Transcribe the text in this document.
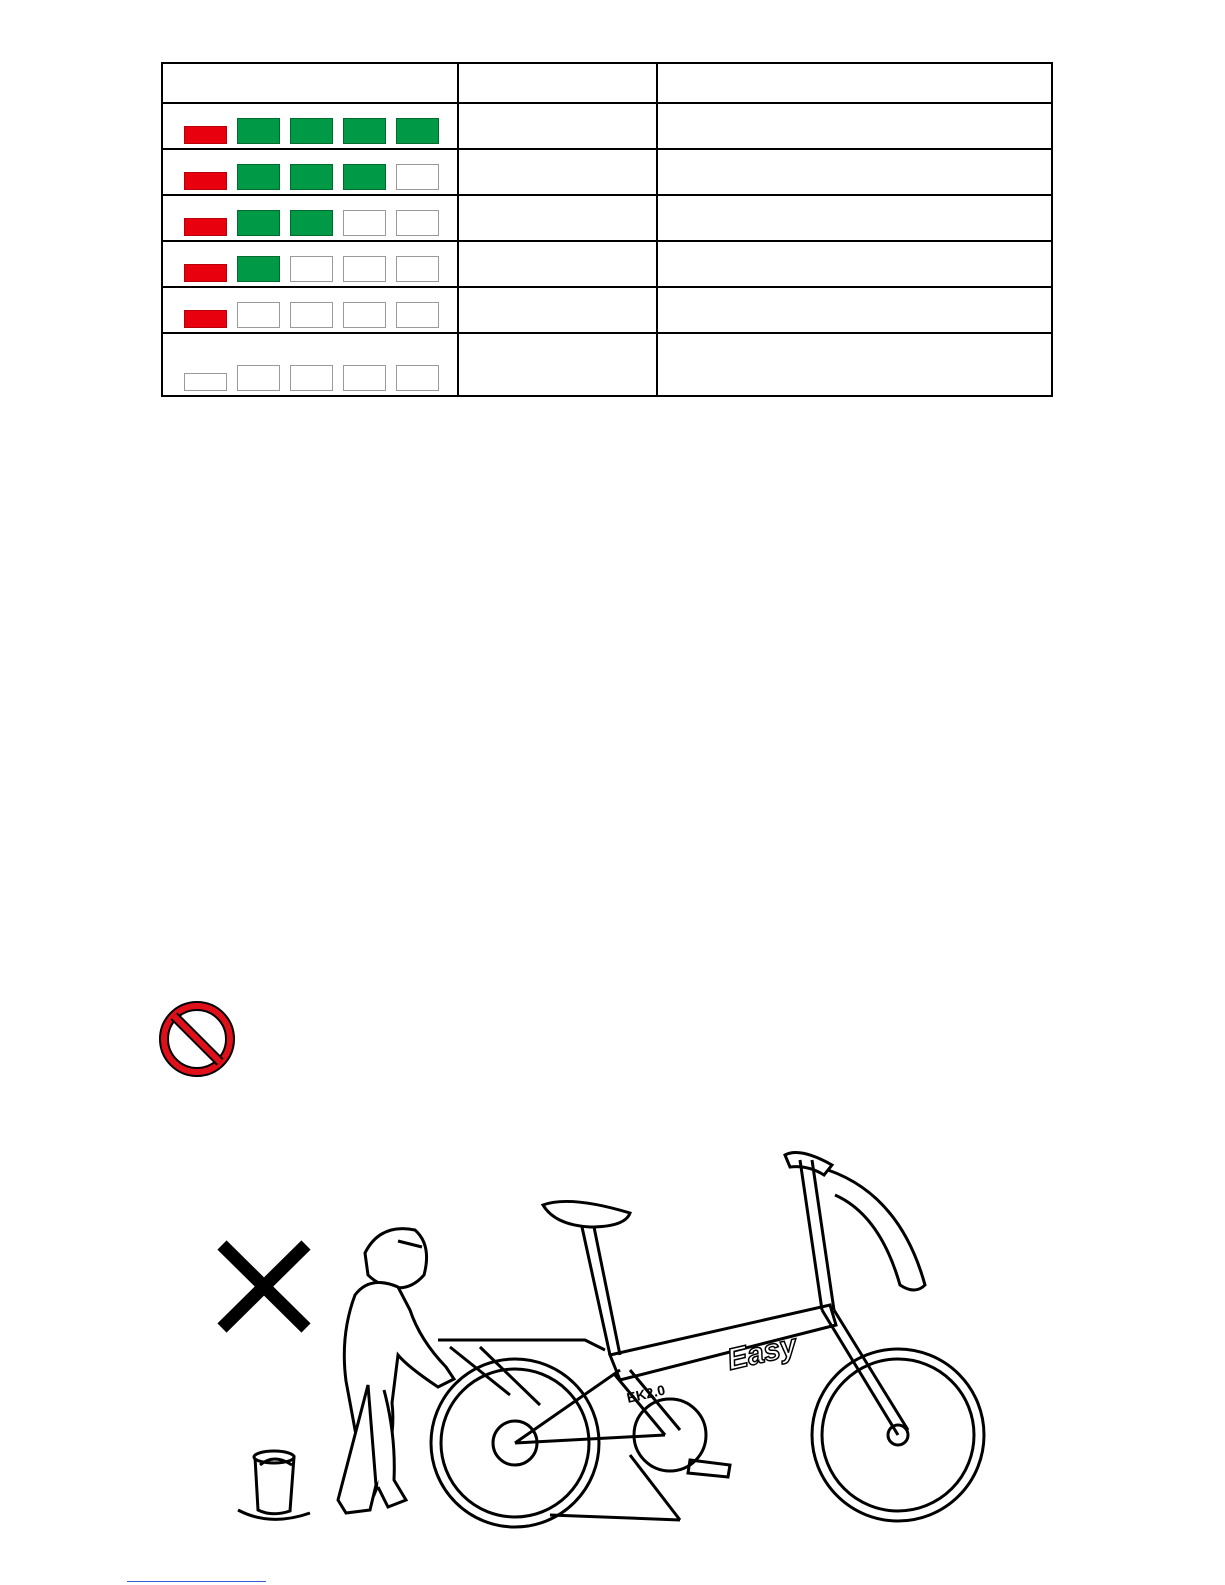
Easy
EK2.0
